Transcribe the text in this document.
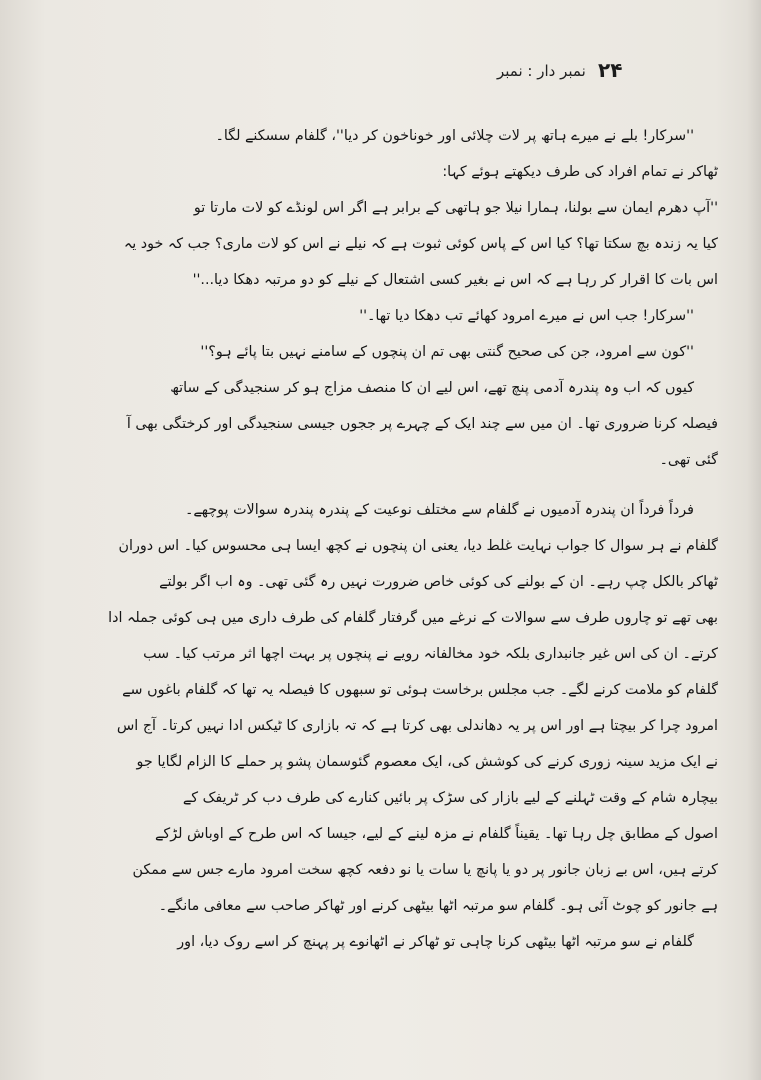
۲۴
نمبر دار : نمبر
''سرکار! بلے نے میرے ہاتھ پر لات چلائی اور خوناخون کر دیا''، گلفام سسکنے لگا۔
ٹھاکر نے تمام افراد کی طرف دیکھتے ہوئے کہا:
''آپ دھرم ایمان سے بولنا، ہمارا نیلا جو ہاتھی کے برابر ہے اگر اس لونڈے کو لات مارتا تو
کیا یہ زندہ بچ سکتا تھا؟ کیا اس کے پاس کوئی ثبوت ہے کہ نیلے نے اس کو لات ماری؟ جب کہ خود یہ
اس بات کا اقرار کر رہا ہے کہ اس نے بغیر کسی اشتعال کے نیلے کو دو مرتبہ دھکا دیا...''
''سرکار! جب اس نے میرے امرود کھائے تب دھکا دیا تھا۔''
''کون سے امرود، جن کی صحیح گنتی بھی تم ان پنچوں کے سامنے نہیں بتا پائے ہو؟''
کیوں کہ اب وہ پندرہ آدمی پنچ تھے، اس لیے ان کا منصف مزاج ہو کر سنجیدگی کے ساتھ
فیصلہ کرنا ضروری تھا۔ ان میں سے چند ایک کے چہرے پر ججوں جیسی سنجیدگی اور کرختگی بھی آ
گئی تھی۔
فرداً فرداً ان پندرہ آدمیوں نے گلفام سے مختلف نوعیت کے پندرہ پندرہ سوالات پوچھے۔
گلفام نے ہر سوال کا جواب نہایت غلط دیا، یعنی ان پنچوں نے کچھ ایسا ہی محسوس کیا۔ اس دوران
ٹھاکر بالکل چپ رہے۔ ان کے بولنے کی کوئی خاص ضرورت نہیں رہ گئی تھی۔ وہ اب اگر بولتے
بھی تھے تو چاروں طرف سے سوالات کے نرغے میں گرفتار گلفام کی طرف داری میں ہی کوئی جملہ ادا
کرتے۔ ان کی اس غیر جانبداری بلکہ خود مخالفانہ رویے نے پنچوں پر بہت اچھا اثر مرتب کیا۔ سب
گلفام کو ملامت کرنے لگے۔ جب مجلس برخاست ہوئی تو سبھوں کا فیصلہ یہ تھا کہ گلفام باغوں سے
امرود چرا کر بیچتا ہے اور اس پر یہ دھاندلی بھی کرتا ہے کہ تہ بازاری کا ٹیکس ادا نہیں کرتا۔ آج اس
نے ایک مزید سینہ زوری کرنے کی کوشش کی، ایک معصوم گئوسمان پشو پر حملے کا الزام لگایا جو
بیچارہ شام کے وقت ٹہلنے کے لیے بازار کی سڑک پر بائیں کنارے کی طرف دب کر ٹریفک کے
اصول کے مطابق چل رہا تھا۔ یقیناً گلفام نے مزہ لینے کے لیے، جیسا کہ اس طرح کے اوباش لڑکے
کرتے ہیں، اس بے زبان جانور پر دو یا پانچ یا سات یا نو دفعہ کچھ سخت امرود مارے جس سے ممکن
ہے جانور کو چوٹ آئی ہو۔ گلفام سو مرتبہ اٹھا بیٹھی کرنے اور ٹھاکر صاحب سے معافی مانگے۔
گلفام نے سو مرتبہ اٹھا بیٹھی کرنا چاہی تو ٹھاکر نے اٹھانوے پر پہنچ کر اسے روک دیا، اور
